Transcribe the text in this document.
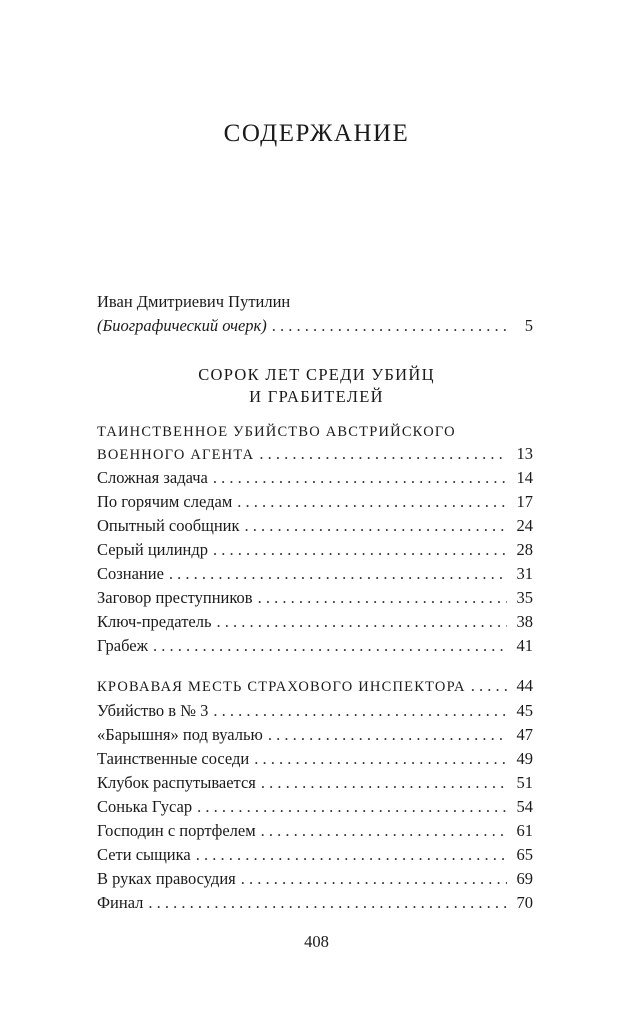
СОДЕРЖАНИЕ
Иван Дмитриевич Путилин
(Биографический очерк) . . .	5
СОРОК ЛЕТ СРЕДИ УБИЙЦ
И ГРАБИТЕЛЕЙ
ТАИНСТВЕННОЕ УБИЙСТВО АВСТРИЙСКОГО
ВОЕННОГО АГЕНТА . . .	13
Сложная задача . . .	14
По горячим следам . . .	17
Опытный сообщник . . .	24
Серый цилиндр . . .	28
Сознание . . .	31
Заговор преступников . . .	35
Ключ-предатель . . .	38
Грабеж . . .	41
КРОВАВАЯ МЕСТЬ СТРАХОВОГО ИНСПЕКТОРА . . .	44
Убийство в № 3 . . .	45
«Барышня» под вуалью . . .	47
Таинственные соседи . . .	49
Клубок распутывается . . .	51
Сонька Гусар . . .	54
Господин с портфелем . . .	61
Сети сыщика . . .	65
В руках правосудия . . .	69
Финал . . .	70
408
